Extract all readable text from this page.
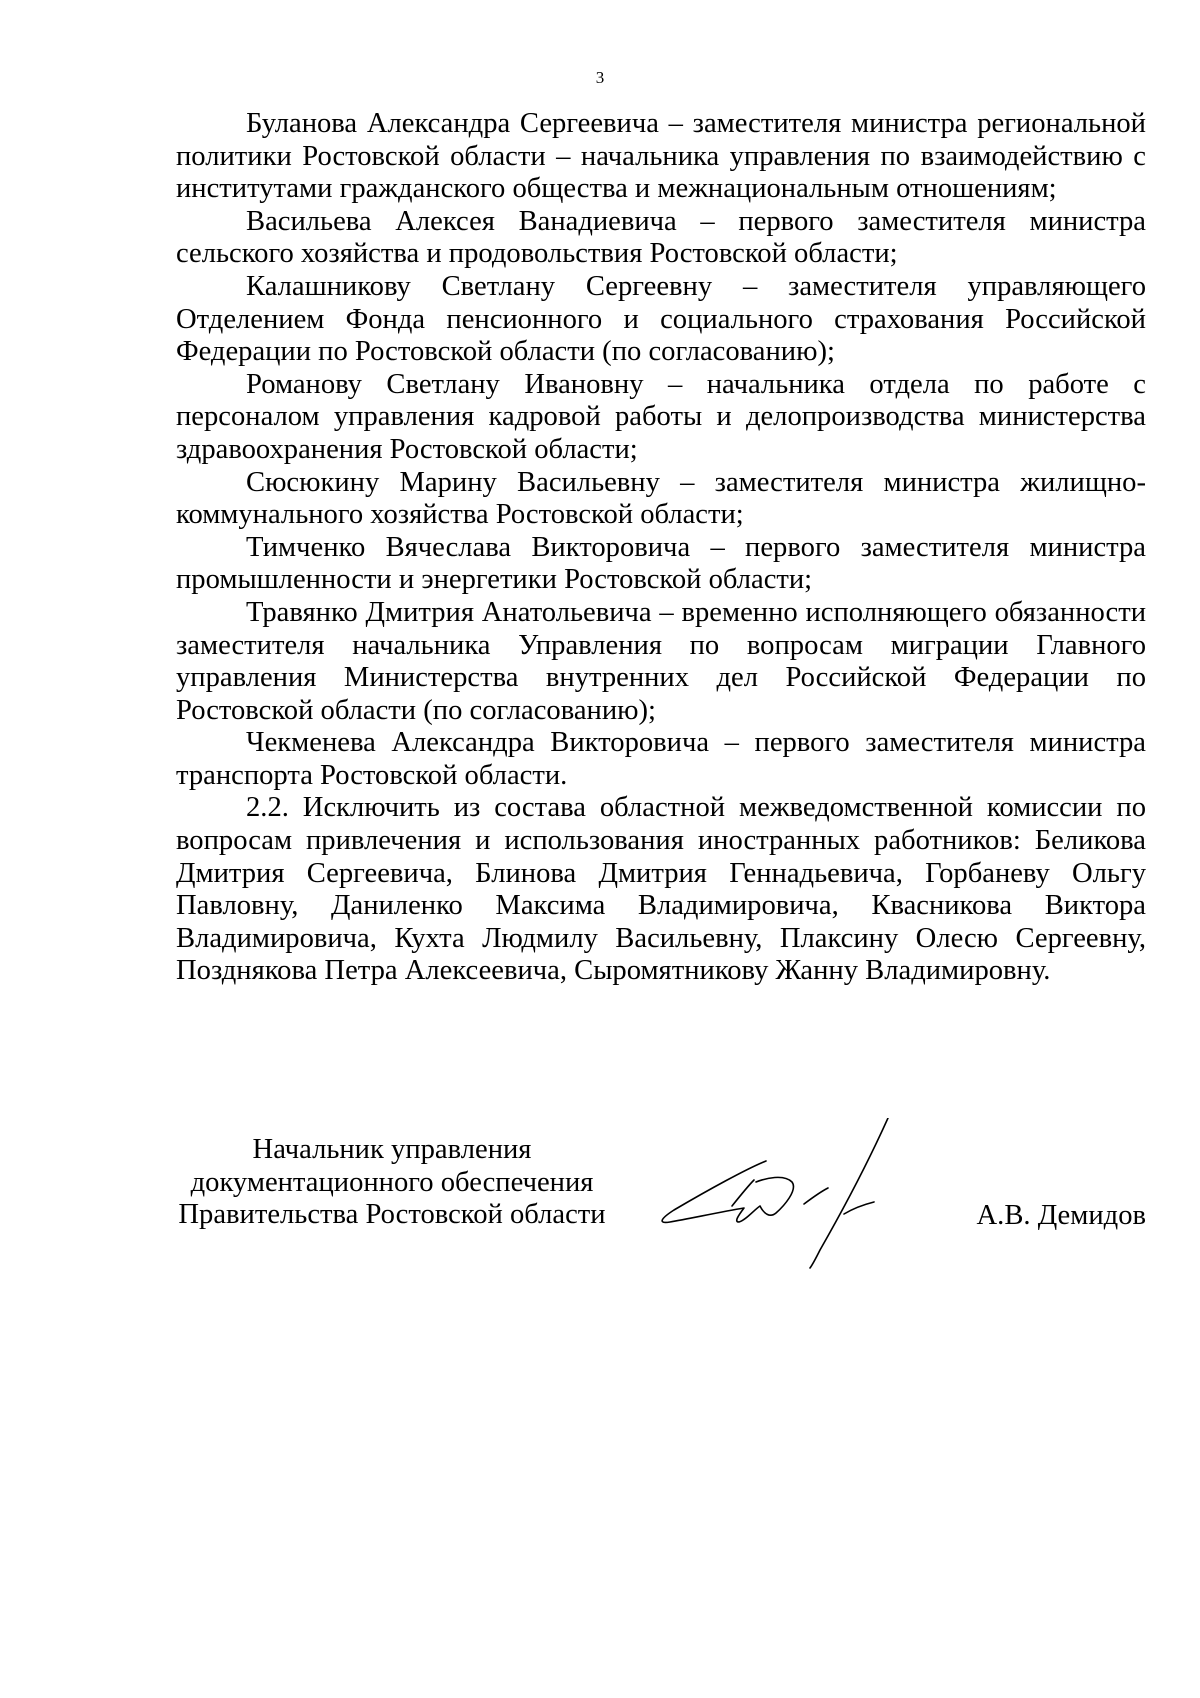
3

Буланова Александра Сергеевича – заместителя министра региональной политики Ростовской области – начальника управления по взаимодействию с институтами гражданского общества и межнациональным отношениям;

Васильева Алексея Ванадиевича – первого заместителя министра сельского хозяйства и продовольствия Ростовской области;

Калашникову Светлану Сергеевну – заместителя управляющего Отделением Фонда пенсионного и социального страхования Российской Федерации по Ростовской области (по согласованию);

Романову Светлану Ивановну – начальника отдела по работе с персоналом управления кадровой работы и делопроизводства министерства здравоохранения Ростовской области;

Сюсюкину Марину Васильевну – заместителя министра жилищно-коммунального хозяйства Ростовской области;

Тимченко Вячеслава Викторовича – первого заместителя министра промышленности и энергетики Ростовской области;

Травянко Дмитрия Анатольевича – временно исполняющего обязанности заместителя начальника Управления по вопросам миграции Главного управления Министерства внутренних дел Российской Федерации по Ростовской области (по согласованию);

Чекменева Александра Викторовича – первого заместителя министра транспорта Ростовской области.

2.2. Исключить из состава областной межведомственной комиссии по вопросам привлечения и использования иностранных работников: Беликова Дмитрия Сергеевича, Блинова Дмитрия Геннадьевича, Горбаневу Ольгу Павловну, Даниленко Максима Владимировича, Квасникова Виктора Владимировича, Кухта Людмилу Васильевну, Плаксину Олесю Сергеевну, Позднякова Петра Алексеевича, Сыромятникову Жанну Владимировну.

Начальник управления
документационного обеспечения
Правительства Ростовской области	А.В. Демидов
